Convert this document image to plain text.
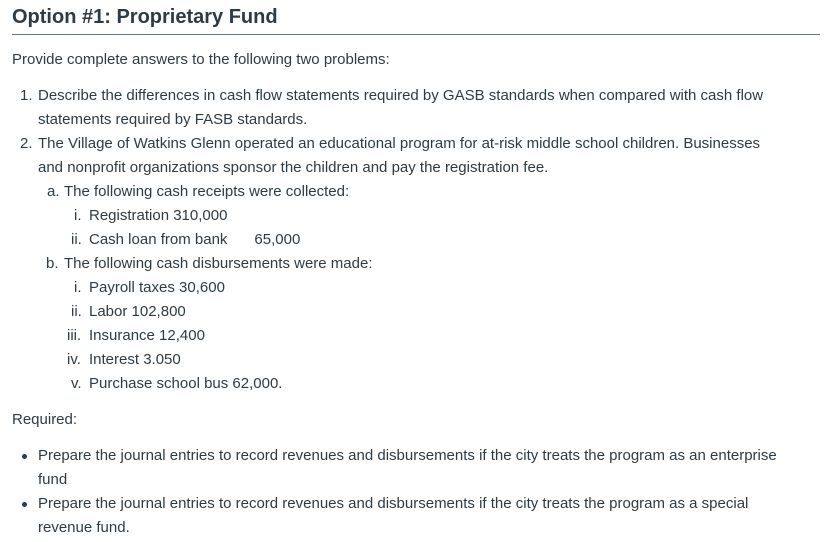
Option #1: Proprietary Fund
Provide complete answers to the following two problems:
1. Describe the differences in cash flow statements required by GASB standards when compared with cash flow
statements required by FASB standards.
2. The Village of Watkins Glenn operated an educational program for at-risk middle school children. Businesses
and nonprofit organizations sponsor the children and pay the registration fee.
a. The following cash receipts were collected:
i. Registration 310,000
ii. Cash loan from bank 65,000
b. The following cash disbursements were made:
i. Payroll taxes 30,600
ii. Labor 102,800
iii. Insurance 12,400
iv. Interest 3.050
v. Purchase school bus 62,000.
Required:
Prepare the journal entries to record revenues and disbursements if the city treats the program as an enterprise
fund
Prepare the journal entries to record revenues and disbursements if the city treats the program as a special
revenue fund.
